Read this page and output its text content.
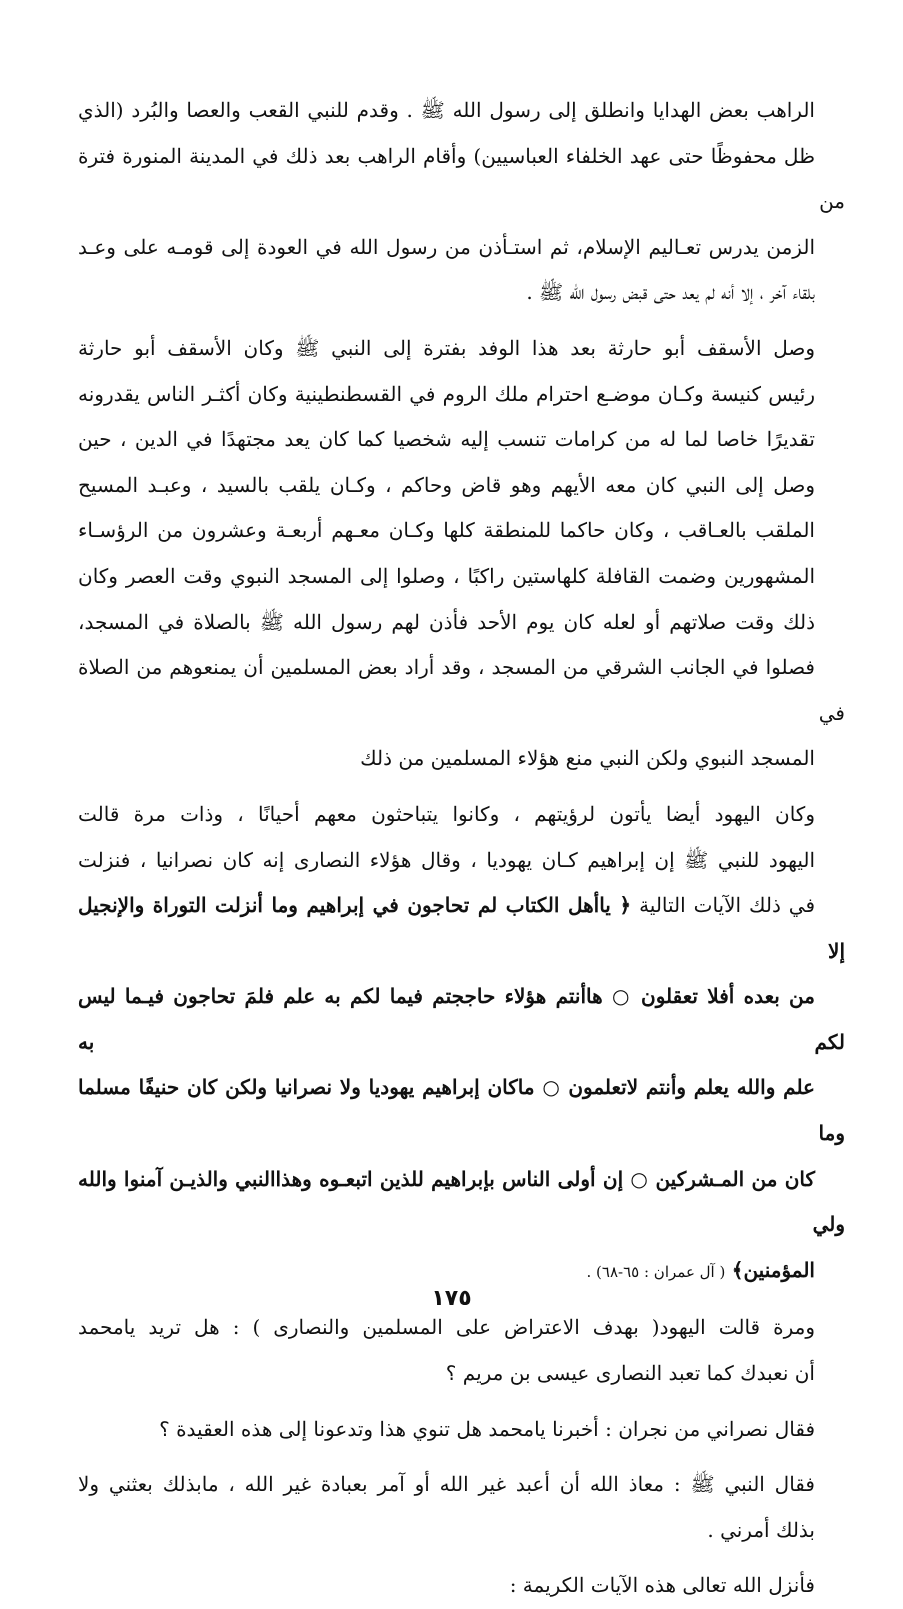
الراهب بعض الهدايا وانطلق إلى رسول الله ﷺ . وقدم للنبي القعب والعصا والبُرد (الذي
ظل محفوظًا حتى عهد الخلفاء العباسيين) وأقام الراهب بعد ذلك في المدينة المنورة فترة من
الزمن يدرس تعـاليم الإسلام، ثم استـأذن من رسول الله في العودة إلى قومـه على وعـد
بلقاء آخر ، إلا أنه لم يعد حتى قبض رسول الله ﷺ .

وصل الأسقف أبو حارثة بعد هذا الوفد بفترة إلى النبي ﷺ وكان الأسقف أبو حارثة
رئيس كنيسة وكـان موضـع احترام ملك الروم في القسطنطينية وكان أكثـر الناس يقدرونه
تقديرًا خاصا لما له من كرامات تنسب إليه شخصيا كما كان يعد مجتهدًا في الدين ، حين
وصل إلى النبي كان معه الأيهم وهو قاض وحاكم ، وكـان يلقب بالسيد ، وعبـد المسيح
الملقب بالعـاقب ، وكان حاكما للمنطقة كلها وكـان معـهم أربعـة وعشرون من الرؤسـاء
المشهورين وضمت القافلة كلهاستين راكبًا ، وصلوا إلى المسجد النبوي وقت العصر وكان
ذلك وقت صلاتهم أو لعله كان يوم الأحد فأذن لهم رسول الله ﷺ بالصلاة في المسجد،
فصلوا في الجانب الشرقي من المسجد ، وقد أراد بعض المسلمين أن يمنعوهم من الصلاة في
المسجد النبوي ولكن النبي منع هؤلاء المسلمين من ذلك

وكان اليهود أيضا يأتون لرؤيتهم ، وكانوا يتباحثون معهم أحيانًا ، وذات مرة قالت
اليهود للنبي ﷺ إن إبراهيم كـان يهوديا ، وقال هؤلاء النصارى إنه كان نصرانيا ، فنزلت
في ذلك الآيات التالية ﴿ ياأهل الكتاب لم تحاجون في إبراهيم وما أنزلت التوراة والإنجيل إلا
من بعده أفلا تعقلون ○ هاأنتم هؤلاء حاججتم فيما لكم به علم فلمَ تحاجون فيـما ليس لكم به
علم والله يعلم وأنتم لاتعلمون ○ ماكان إبراهيم يهوديا ولا نصرانيا ولكن كان حنيفًا مسلما وما
كان من المـشركين ○ إن أولى الناس بإبراهيم للذين اتبعـوه وهذاالنبي والذيـن آمنوا والله ولي
المؤمنين﴾ ( آل عمران : ٦٥-٦٨) .

ومرة قالت اليهود( بهدف الاعتراض على المسلمين والنصارى ) : هل تريد يامحمد
أن نعبدك كما تعبد النصارى عيسى بن مريم ؟

فقال نصراني من نجران : أخبرنا يامحمد هل تنوي هذا وتدعونا إلى هذه العقيدة ؟

فقال النبي ﷺ : معاذ الله أن أعبد غير الله أو آمر بعبادة غير الله ، مابذلك بعثني ولا
بذلك أمرني .

فأنزل الله تعالى هذه الآيات الكريمة :

١٧٥
